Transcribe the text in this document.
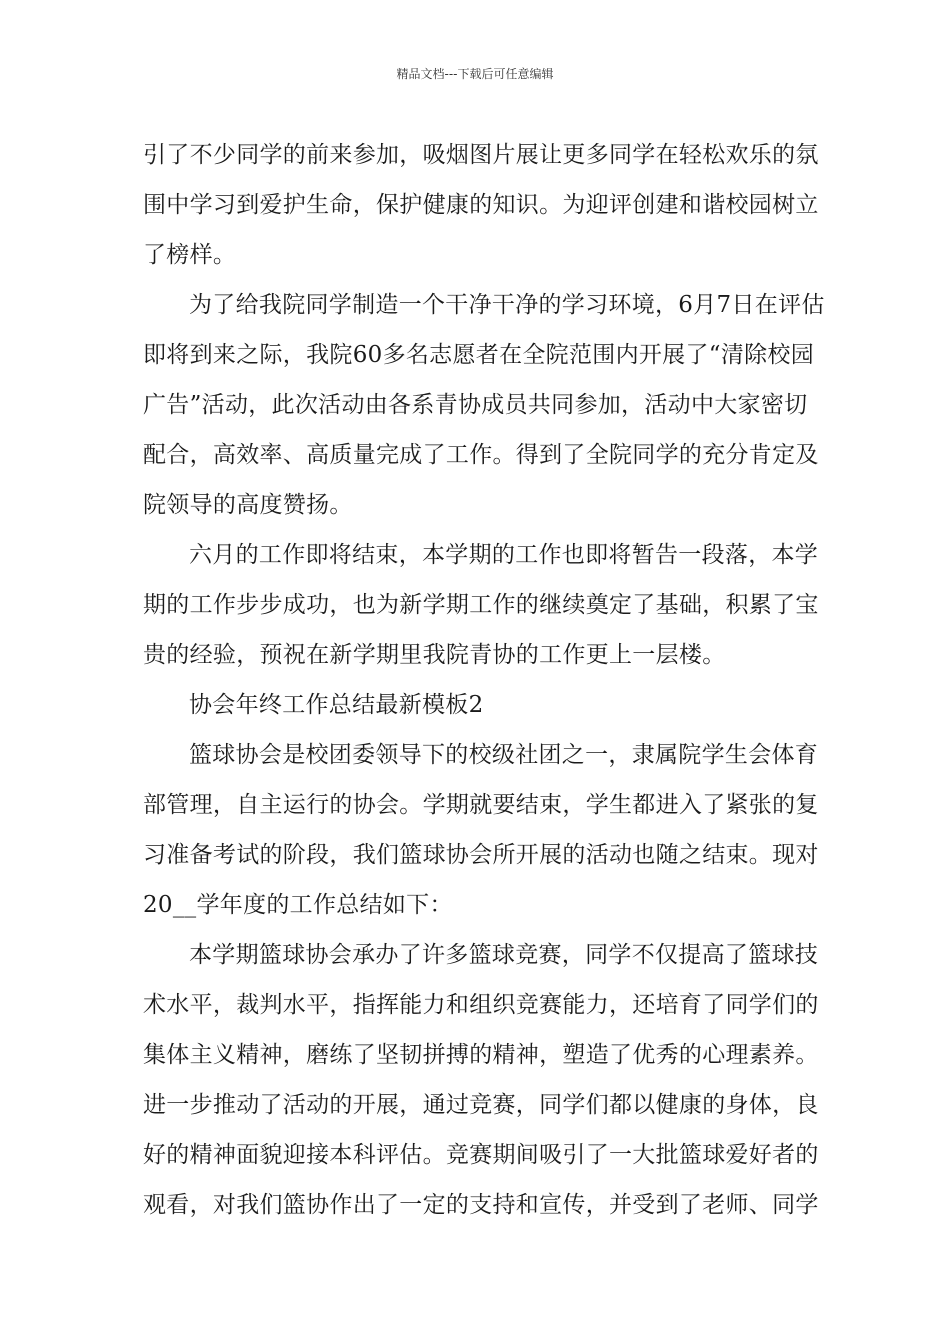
精品文档---下载后可任意编辑
引了不少同学的前来参加，吸烟图片展让更多同学在轻松欢乐的氛
围中学习到爱护生命，保护健康的知识。为迎评创建和谐校园树立
了榜样。
为了给我院同学制造一个干净干净的学习环境，6月7日在评估
即将到来之际，我院60多名志愿者在全院范围内开展了“清除校园
广告”活动，此次活动由各系青协成员共同参加，活动中大家密切
配合，高效率、高质量完成了工作。得到了全院同学的充分肯定及
院领导的高度赞扬。
六月的工作即将结束，本学期的工作也即将暂告一段落，本学
期的工作步步成功，也为新学期工作的继续奠定了基础，积累了宝
贵的经验，预祝在新学期里我院青协的工作更上一层楼。
协会年终工作总结最新模板2
篮球协会是校团委领导下的校级社团之一，隶属院学生会体育
部管理，自主运行的协会。学期就要结束，学生都进入了紧张的复
习准备考试的阶段，我们篮球协会所开展的活动也随之结束。现对
20__学年度的工作总结如下：
本学期篮球协会承办了许多篮球竞赛，同学不仅提高了篮球技
术水平，裁判水平，指挥能力和组织竞赛能力，还培育了同学们的
集体主义精神，磨练了坚韧拼搏的精神，塑造了优秀的心理素养。
进一步推动了活动的开展，通过竞赛，同学们都以健康的身体，良
好的精神面貌迎接本科评估。竞赛期间吸引了一大批篮球爱好者的
观看，对我们篮协作出了一定的支持和宣传，并受到了老师、同学
